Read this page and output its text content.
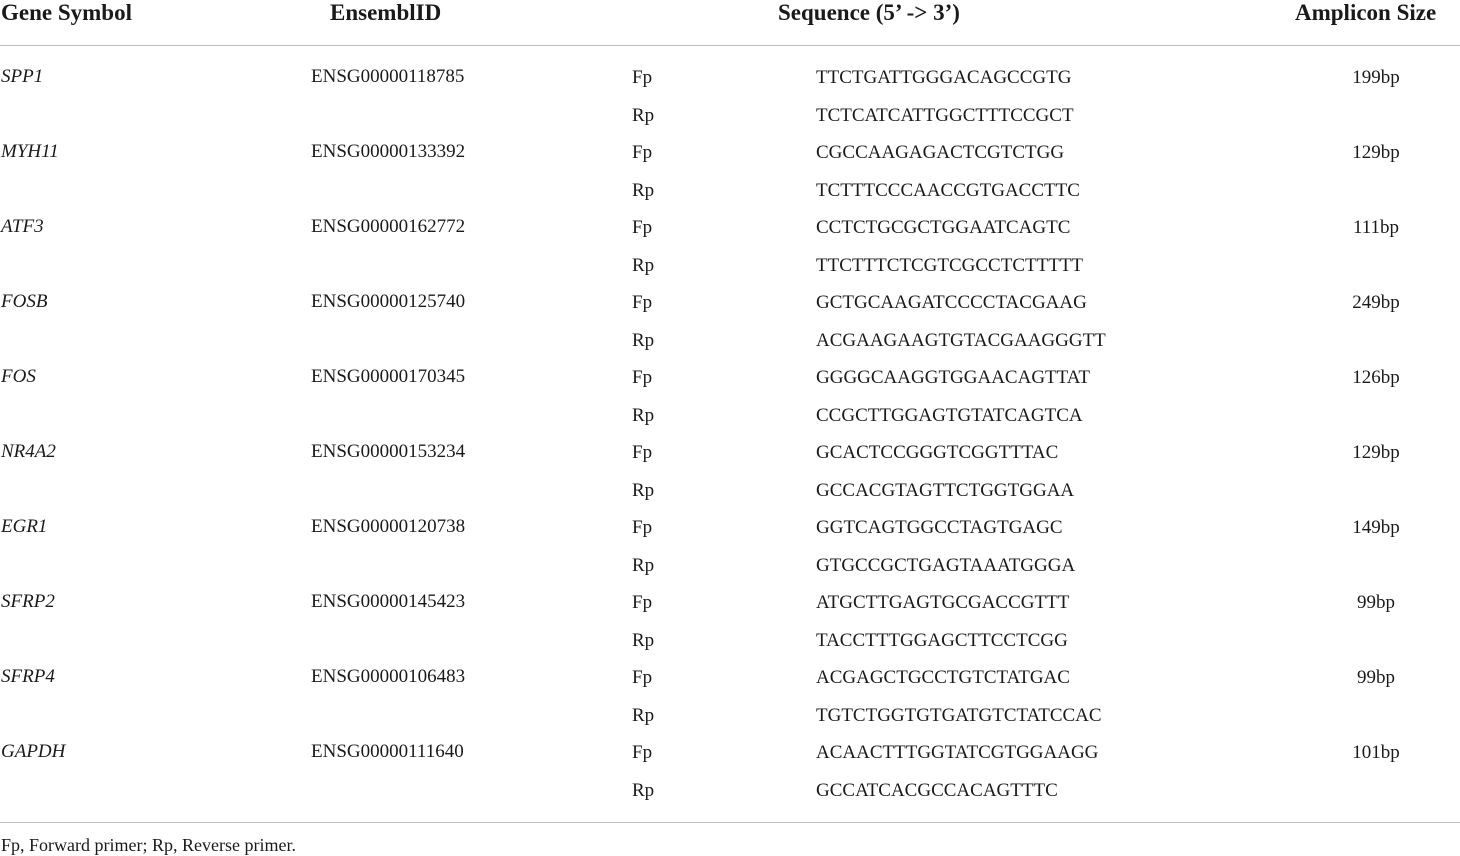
Gene Symbol	EnsemblID	Sequence (5’ -> 3’)	Amplicon Size
SPP1	ENSG00000118785	Fp	TTCTGATTGGGACAGCCGTG	199bp
Rp	TCTCATCATTGGCTTTCCGCT
MYH11	ENSG00000133392	Fp	CGCCAAGAGACTCGTCTGG	129bp
Rp	TCTTTCCCAACCGTGACCTTC
ATF3	ENSG00000162772	Fp	CCTCTGCGCTGGAATCAGTC	111bp
Rp	TTCTTTCTCGTCGCCTCTTTTT
FOSB	ENSG00000125740	Fp	GCTGCAAGATCCCCTACGAAG	249bp
Rp	ACGAAGAAGTGTACGAAGGGTT
FOS	ENSG00000170345	Fp	GGGGCAAGGTGGAACAGTTAT	126bp
Rp	CCGCTTGGAGTGTATCAGTCA
NR4A2	ENSG00000153234	Fp	GCACTCCGGGTCGGTTTAC	129bp
Rp	GCCACGTAGTTCTGGTGGAA
EGR1	ENSG00000120738	Fp	GGTCAGTGGCCTAGTGAGC	149bp
Rp	GTGCCGCTGAGTAAATGGGA
SFRP2	ENSG00000145423	Fp	ATGCTTGAGTGCGACCGTTT	99bp
Rp	TACCTTTGGAGCTTCCTCGG
SFRP4	ENSG00000106483	Fp	ACGAGCTGCCTGTCTATGAC	99bp
Rp	TGTCTGGTGTGATGTCTATCCAC
GAPDH	ENSG00000111640	Fp	ACAACTTTGGTATCGTGGAAGG	101bp
Rp	GCCATCACGCCACAGTTTC
Fp, Forward primer; Rp, Reverse primer.
